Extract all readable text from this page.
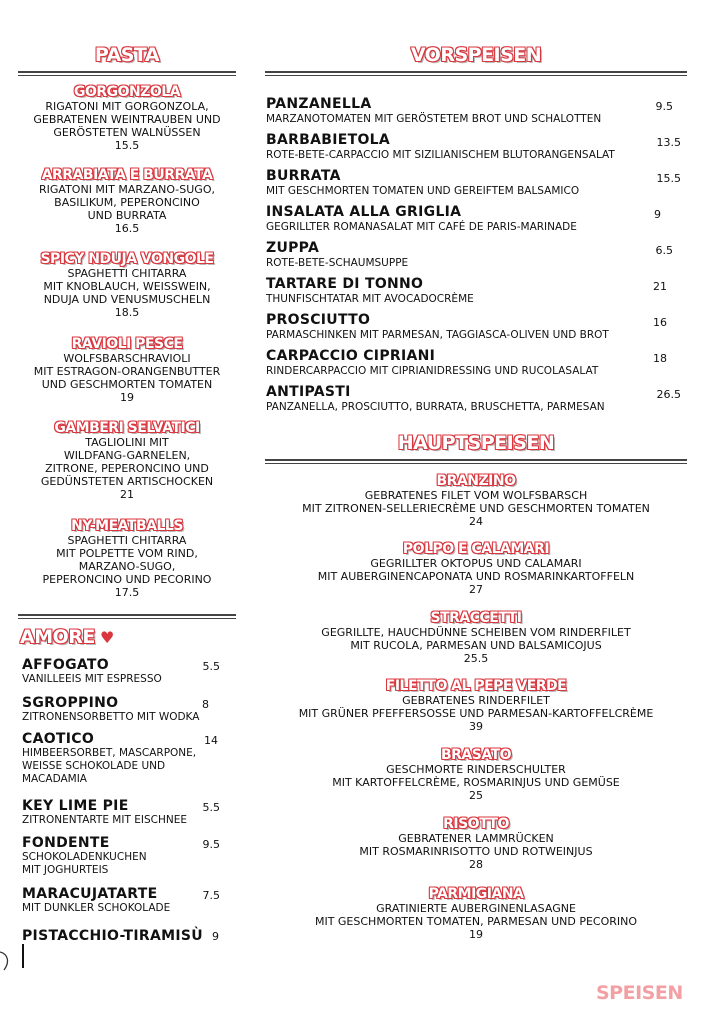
PASTA
GORGONZOLA
RIGATONI MIT GORGONZOLA,
GEBRATENEN WEINTRAUBEN UND
GERÖSTETEN WALNÜSSEN
15.5
ARRABIATA E BURRATA
RIGATONI MIT MARZANO-SUGO,
BASILIKUM, PEPERONCINO
UND BURRATA
16.5
SPICY NDUJA VONGOLE
SPAGHETTI CHITARRA
MIT KNOBLAUCH, WEISSWEIN,
NDUJA UND VENUSMUSCHELN
18.5
RAVIOLI PESCE
WOLFSBARSCHRAVIOLI
MIT ESTRAGON-ORANGENBUTTER
UND GESCHMORTEN TOMATEN
19
GAMBERI SELVATICI
TAGLIOLINI MIT
WILDFANG-GARNELEN,
ZITRONE, PEPERONCINO UND
GEDÜNSTETEN ARTISCHOCKEN
21
NY-MEATBALLS
SPAGHETTI CHITARRA
MIT POLPETTE VOM RIND,
MARZANO-SUGO,
PEPERONCINO UND PECORINO
17.5
AMORE ♥
AFFOGATO	5.5
VANILLEEIS MIT ESPRESSO
SGROPPINO	8
ZITRONENSORBETTO MIT WODKA
CAOTICO	14
HIMBEERSORBET, MASCARPONE,
WEISSE SCHOKOLADE UND
MACADAMIA
KEY LIME PIE	5.5
ZITRONENTARTE MIT EISCHNEE
FONDENTE	9.5
SCHOKOLADENKUCHEN
MIT JOGHURTEIS
MARACUJATARTE	7.5
MIT DUNKLER SCHOKOLADE
PISTACCHIO-TIRAMISÙ 9
VORSPEISEN
PANZANELLA	9.5
MARZANOTOMATEN MIT GERÖSTETEM BROT UND SCHALOTTEN
BARBABIETOLA	13.5
ROTE-BETE-CARPACCIO MIT SIZILIANISCHEM BLUTORANGENSALAT
BURRATA	15.5
MIT GESCHMORTEN TOMATEN UND GEREIFTEM BALSAMICO
INSALATA ALLA GRIGLIA	9
GEGRILLTER ROMANASALAT MIT CAFÉ DE PARIS-MARINADE
ZUPPA	6.5
ROTE-BETE-SCHAUMSUPPE
TARTARE DI TONNO	21
THUNFISCHTATAR MIT AVOCADOCRÈME
PROSCIUTTO	16
PARMASCHINKEN MIT PARMESAN, TAGGIASCA-OLIVEN UND BROT
CARPACCIO CIPRIANI	18
RINDERCARPACCIO MIT CIPRIANIDRESSING UND RUCOLASALAT
ANTIPASTI	26.5
PANZANELLA, PROSCIUTTO, BURRATA, BRUSCHETTA, PARMESAN
HAUPTSPEISEN
BRANZINO
GEBRATENES FILET VOM WOLFSBARSCH
MIT ZITRONEN-SELLERIECRÈME UND GESCHMORTEN TOMATEN
24
POLPO E CALAMARI
GEGRILLTER OKTOPUS UND CALAMARI
MIT AUBERGINENCAPONATA UND ROSMARINKARTOFFELN
27
STRACCETTI
GEGRILLTE, HAUCHDÜNNE SCHEIBEN VOM RINDERFILET
MIT RUCOLA, PARMESAN UND BALSAMICOJUS
25.5
FILETTO AL PEPE VERDE
GEBRATENES RINDERFILET
MIT GRÜNER PFEFFERSOSSE UND PARMESAN-KARTOFFELCRÈME
39
BRASATO
GESCHMORTE RINDERSCHULTER
MIT KARTOFFELCRÈME, ROSMARINJUS UND GEMÜSE
25
RISOTTO
GEBRATENER LAMMRÜCKEN
MIT ROSMARINRISOTTO UND ROTWEINJUS
28
PARMIGIANA
GRATINIERTE AUBERGINENLASAGNE
MIT GESCHMORTEN TOMATEN, PARMESAN UND PECORINO
19
SPEISEN
